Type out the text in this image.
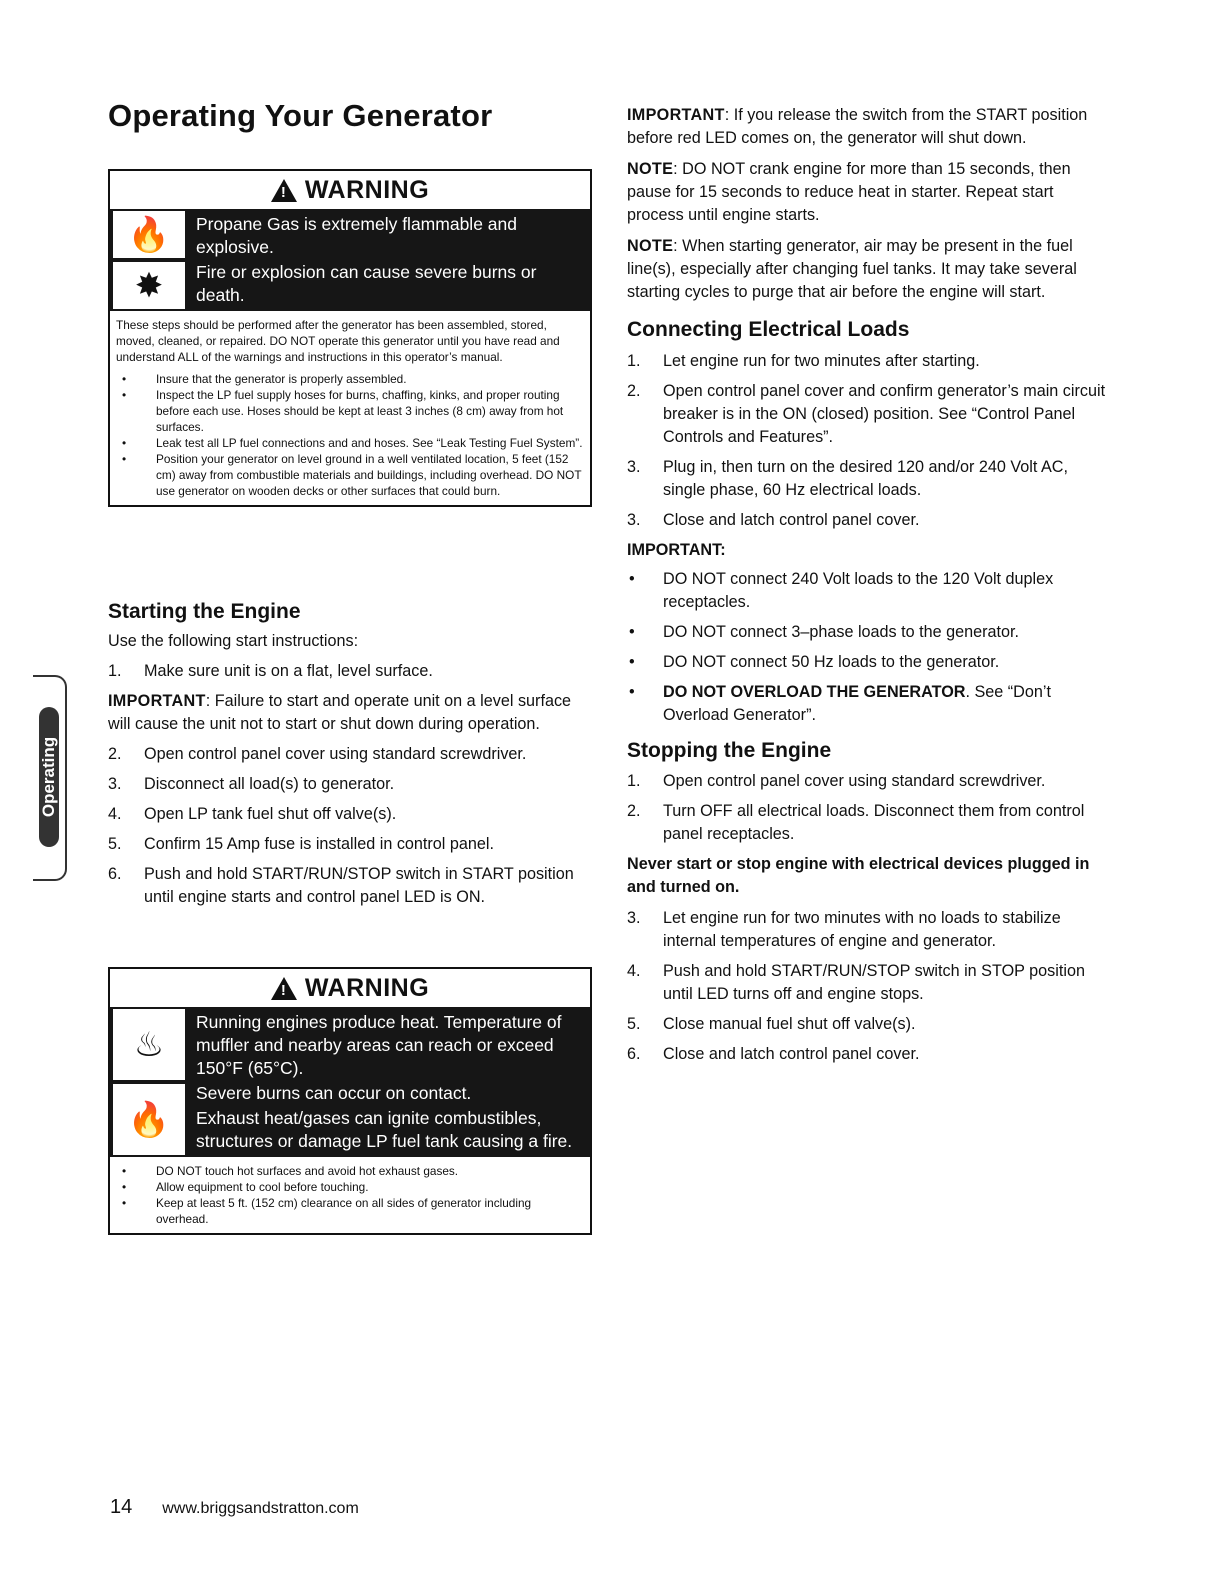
Operating Your Generator
Operating
!
WARNING
🔥
✸

Propane Gas is extremely flammable and explosive.

Fire or explosion can cause severe burns or death.

These steps should be performed after the generator has been assembled, stored, moved, cleaned, or repaired. DO NOT operate this generator until you have read and understand ALL of the warnings and instructions in this operator’s manual.

• Insure that the generator is properly assembled.
• Inspect the LP fuel supply hoses for burns, chaffing, kinks, and proper routing before each use. Hoses should be kept at least 3 inches (8 cm) away from hot surfaces.
• Leak test all LP fuel connections and and hoses. See “Leak Testing Fuel System”.
• Position your generator on level ground in a well ventilated location, 5 feet (152 cm) away from combustible materials and buildings, including overhead. DO NOT use generator on wooden decks or other surfaces that could burn.
Starting the Engine

Use the following start instructions:

1. Make sure unit is on a flat, level surface.

IMPORTANT: Failure to start and operate unit on a level surface will cause the unit not to start or shut down during operation.

2. Open control panel cover using standard screwdriver.
3. Disconnect all load(s) to generator.
4. Open LP tank fuel shut off valve(s).
5. Confirm 15 Amp fuse is installed in control panel.
6. Push and hold START/RUN/STOP switch in START position until engine starts and control panel LED is ON.
!
WARNING
♨
🔥

Running engines produce heat. Temperature of muffler and nearby areas can reach or exceed 150°F (65°C).

Severe burns can occur on contact.

Exhaust heat/gases can ignite combustibles, structures or damage LP fuel tank causing a fire.

• DO NOT touch hot surfaces and avoid hot exhaust gases.
• Allow equipment to cool before touching.
• Keep at least 5 ft. (152 cm) clearance on all sides of generator including overhead.

IMPORTANT: If you release the switch from the START position before red LED comes on, the generator will shut down.

NOTE: DO NOT crank engine for more than 15 seconds, then pause for 15 seconds to reduce heat in starter. Repeat start process until engine starts.

NOTE: When starting generator, air may be present in the fuel line(s), especially after changing fuel tanks. It may take several starting cycles to purge that air before the engine will start.

Connecting Electrical Loads
1. Let engine run for two minutes after starting.
2. Open control panel cover and confirm generator’s main circuit breaker is in the ON (closed) position. See “Control Panel Controls and Features”.
3. Plug in, then turn on the desired 120 and/or 240 Volt AC, single phase, 60 Hz electrical loads.
3. Close and latch control panel cover.

IMPORTANT:

• DO NOT connect 240 Volt loads to the 120 Volt duplex receptacles.
• DO NOT connect 3–phase loads to the generator.
• DO NOT connect 50 Hz loads to the generator.
• DO NOT OVERLOAD THE GENERATOR. See “Don’t Overload Generator”.
Stopping the Engine
1. Open control panel cover using standard screwdriver.
2. Turn OFF all electrical loads. Disconnect them from control panel receptacles.

Never start or stop engine with electrical devices plugged in and turned on.

3. Let engine run for two minutes with no loads to stabilize internal temperatures of engine and generator.
4. Push and hold START/RUN/STOP switch in STOP position until LED turns off and engine stops.
5. Close manual fuel shut off valve(s).
6. Close and latch control panel cover.
14 www.briggsandstratton.com
